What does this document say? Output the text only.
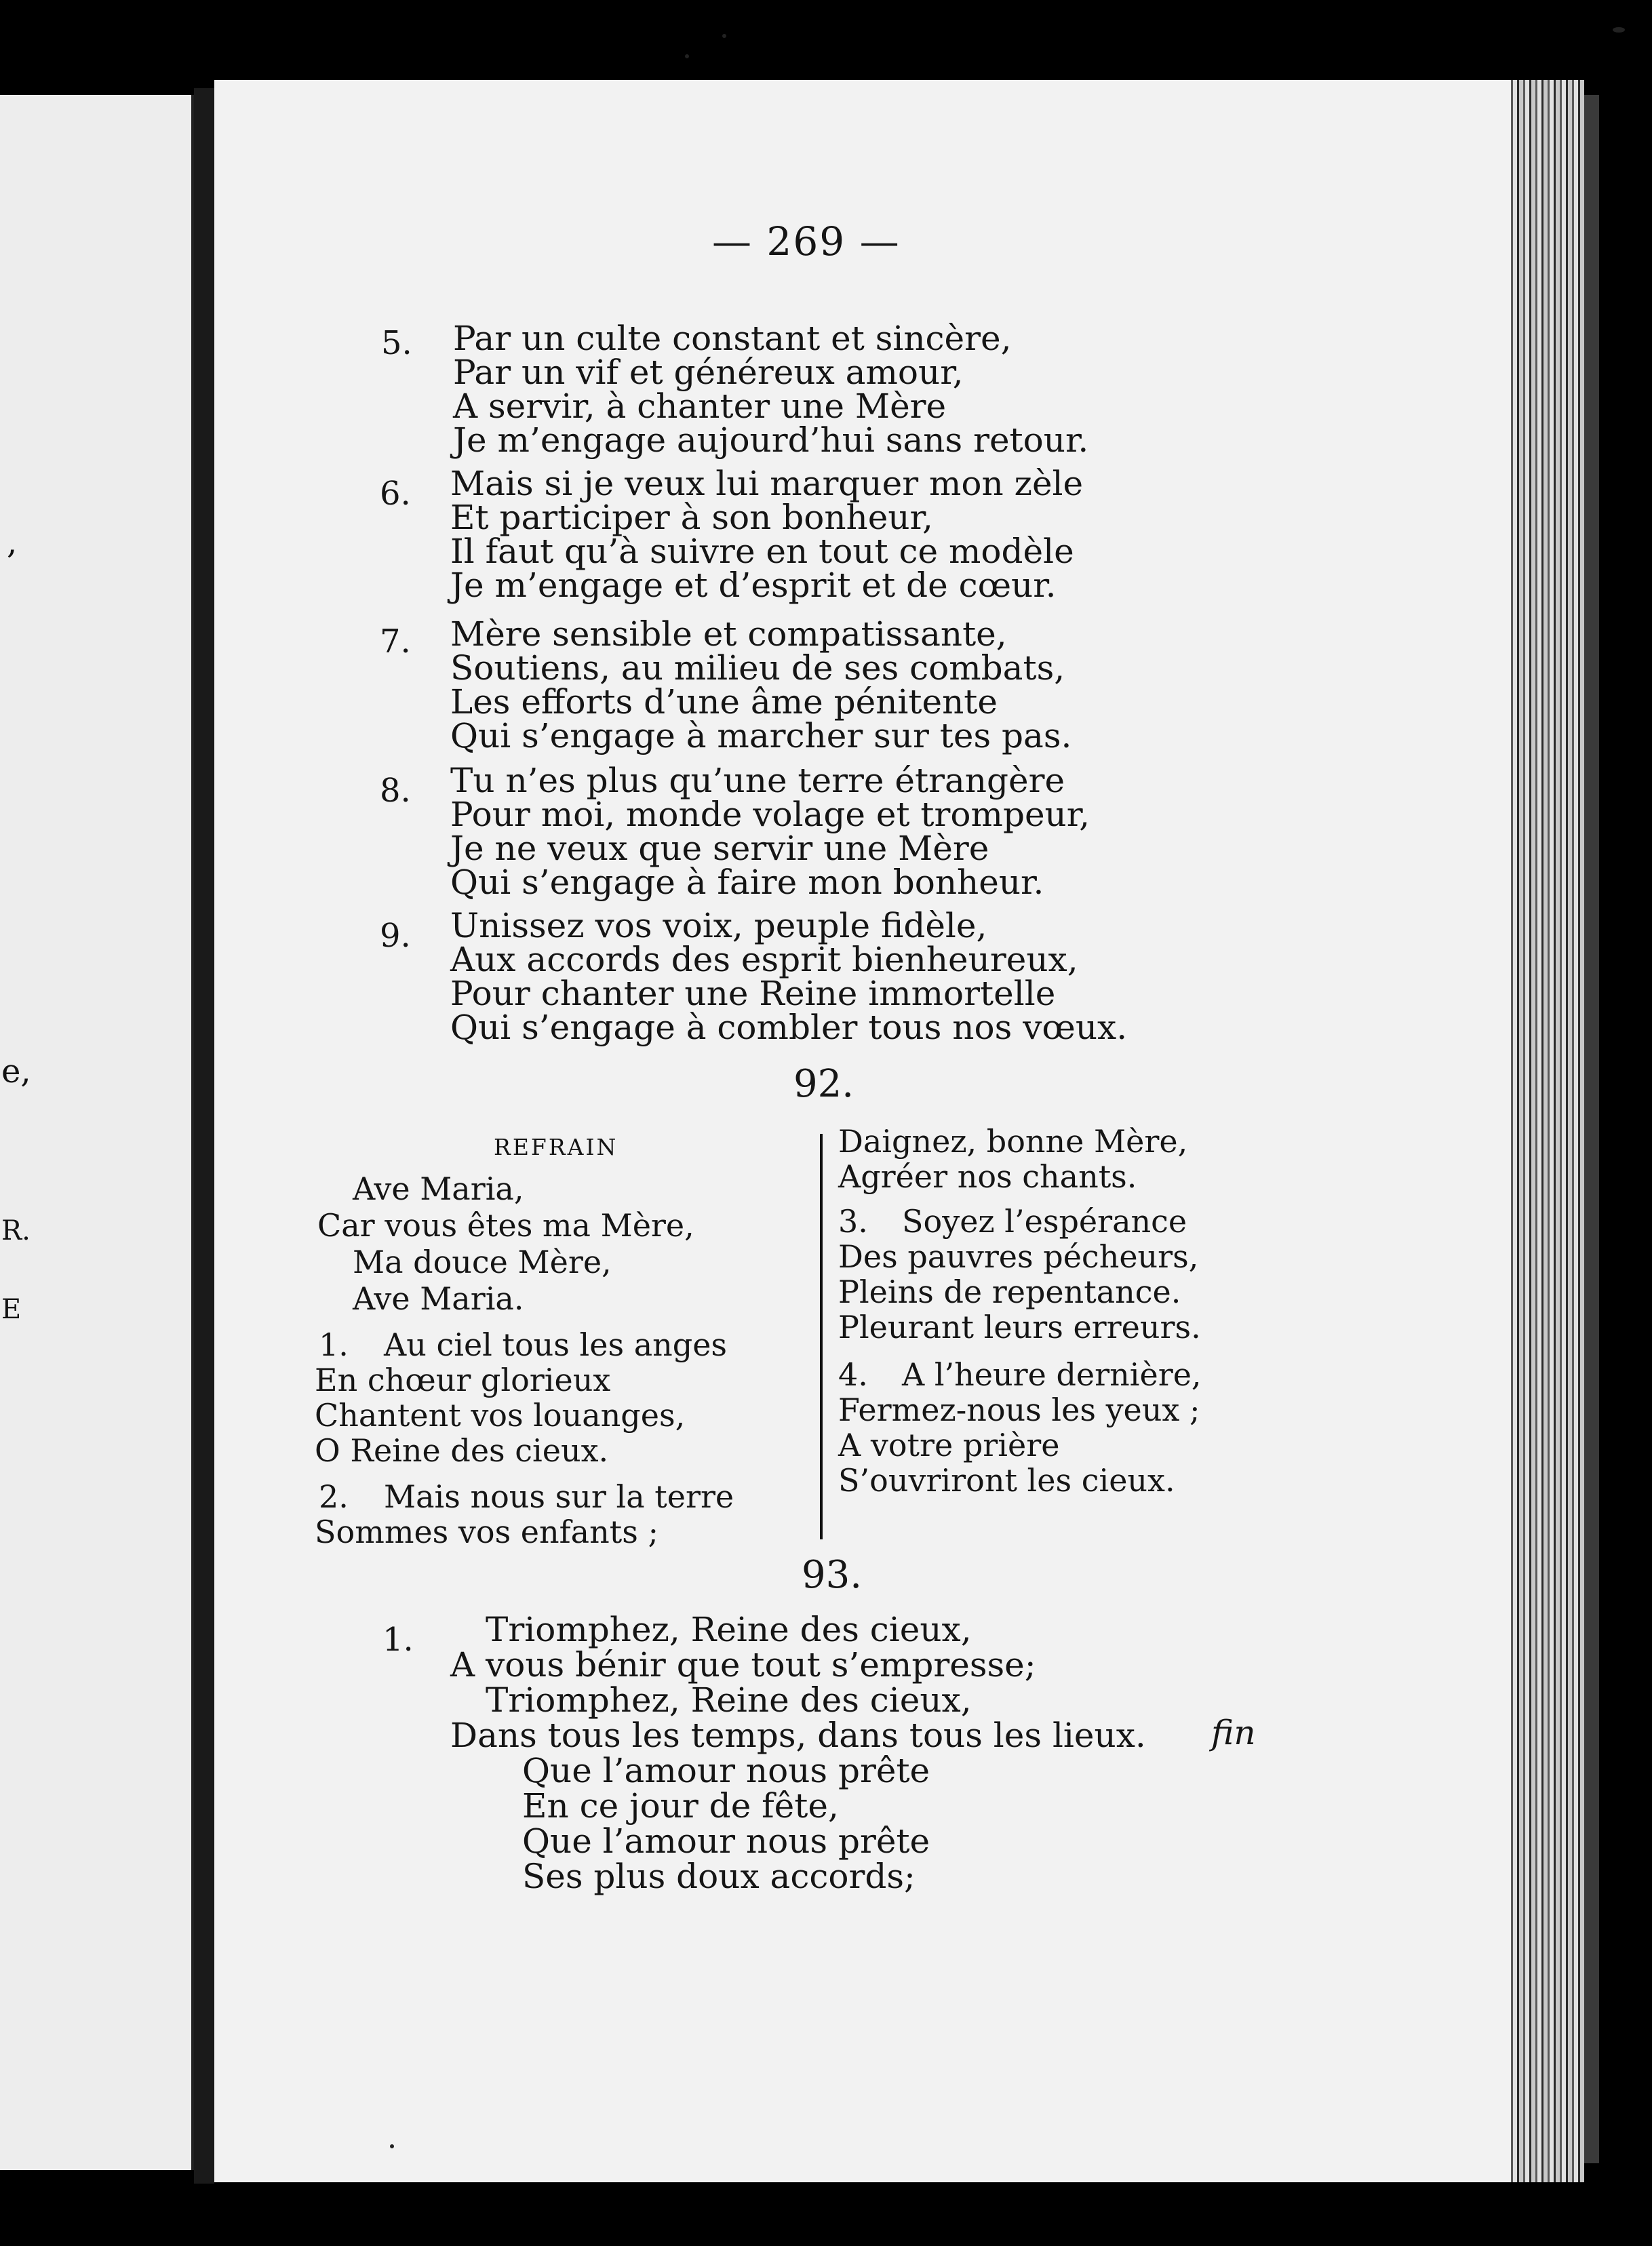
,
e,
R.
E
— 269 —
5. Par un culte constant et sincère,
Par un vif et généreux amour,
A servir, à chanter une Mère
Je m’engage aujourd’hui sans retour.
6. Mais si je veux lui marquer mon zèle
Et participer à son bonheur,
Il faut qu’à suivre en tout ce modèle
Je m’engage et d’esprit et de cœur.
7. Mère sensible et compatissante,
Soutiens, au milieu de ses combats,
Les efforts d’une âme pénitente
Qui s’engage à marcher sur tes pas.
8. Tu n’es plus qu’une terre étrangère
Pour moi, monde volage et trompeur,
Je ne veux que servir une Mère
Qui s’engage à faire mon bonheur.
9. Unissez vos voix, peuple fidèle,
Aux accords des esprit bienheureux,
Pour chanter une Reine immortelle
Qui s’engage à combler tous nos vœux.
92.
REFRAIN
Ave Maria,
Car vous êtes ma Mère,
Ma douce Mère,
Ave Maria.
1. Au ciel tous les anges
En chœur glorieux
Chantent vos louanges,
O Reine des cieux.
2. Mais nous sur la terre
Sommes vos enfants ;
Daignez, bonne Mère,
Agréer nos chants.
3. Soyez l’espérance
Des pauvres pécheurs,
Pleins de repentance.
Pleurant leurs erreurs.
4. A l’heure dernière,
Fermez-nous les yeux ;
A votre prière
S’ouvriront les cieux.
93.
1. Triomphez, Reine des cieux,
A vous bénir que tout s’empresse;
Triomphez, Reine des cieux,
Dans tous les temps, dans tous les lieux. fin
Que l’amour nous prête
En ce jour de fête,
Que l’amour nous prête
Ses plus doux accords;
